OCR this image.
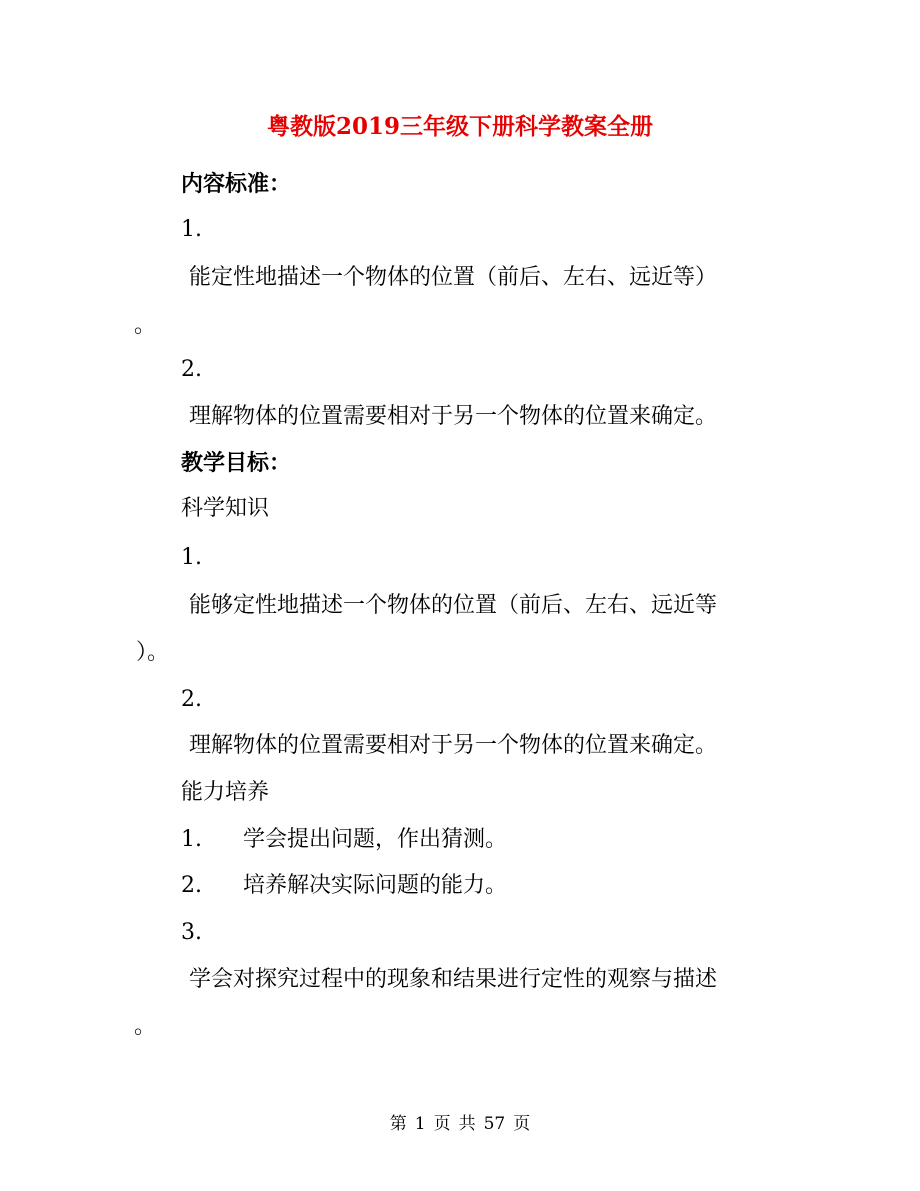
粤教版2019三年级下册科学教案全册
内容标准：
1.
能定性地描述一个物体的位置（前后、左右、远近等）
。
2.
理解物体的位置需要相对于另一个物体的位置来确定。
教学目标：
科学知识
1.
能够定性地描述一个物体的位置（前后、左右、远近等
）。
2.
理解物体的位置需要相对于另一个物体的位置来确定。
能力培养
1. 学会提出问题，作出猜测。
2. 培养解决实际问题的能力。
3.
学会对探究过程中的现象和结果进行定性的观察与描述
。
第 1 页 共 57 页
